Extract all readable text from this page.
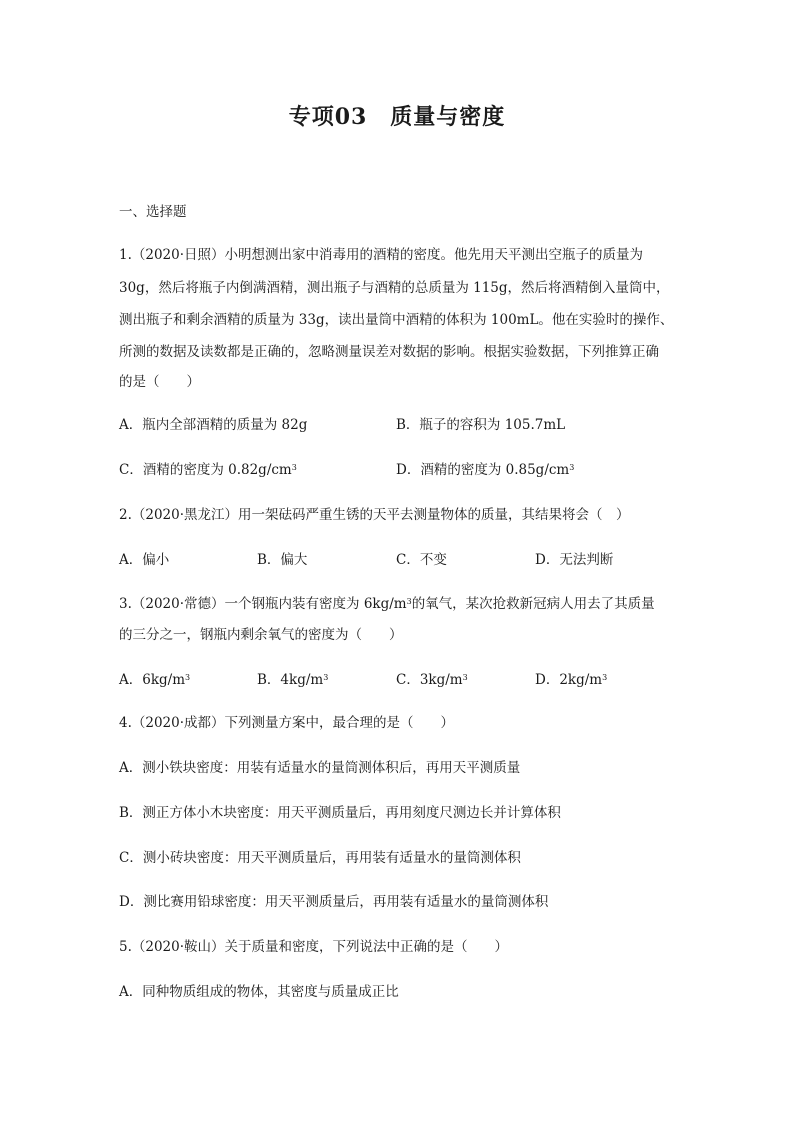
专项03　质量与密度
一、选择题
1.（2020·日照）小明想测出家中消毒用的酒精的密度。他先用天平测出空瓶子的质量为
30g，然后将瓶子内倒满酒精，测出瓶子与酒精的总质量为 115g，然后将酒精倒入量筒中，
测出瓶子和剩余酒精的质量为 33g，读出量筒中酒精的体积为 100mL。他在实验时的操作、
所测的数据及读数都是正确的，忽略测量误差对数据的影响。根据实验数据，下列推算正确
的是（　　）
A．瓶内全部酒精的质量为 82g	B．瓶子的容积为 105.7mL
C．酒精的密度为 $0.82g/cm^3$	D．酒精的密度为 $0.85g/cm^3$
2.（2020·黑龙江）用一架砝码严重生锈的天平去测量物体的质量，其结果将会（　）
A．偏小	B．偏大	C．不变	D．无法判断
3.（2020·常德）一个钢瓶内装有密度为 $6kg/m^3$的氧气，某次抢救新冠病人用去了其质量
的三分之一，钢瓶内剩余氧气的密度为（　　）
A．$6kg/m^3$	B．$4kg/m^3$	C．$3kg/m^3$	D．$2kg/m^3$
4.（2020·成都）下列测量方案中，最合理的是（　　）
A．测小铁块密度：用装有适量水的量筒测体积后，再用天平测质量
B．测正方体小木块密度：用天平测质量后，再用刻度尺测边长并计算体积
C．测小砖块密度：用天平测质量后，再用装有适量水的量筒测体积
D．测比赛用铅球密度：用天平测质量后，再用装有适量水的量筒测体积
5.（2020·鞍山）关于质量和密度，下列说法中正确的是（　　）
A．同种物质组成的物体，其密度与质量成正比
